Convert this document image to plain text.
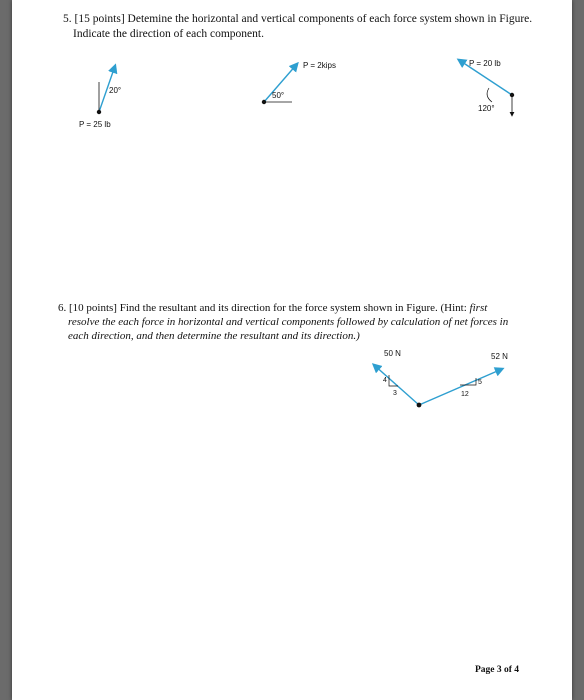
5. [15 points] Detemine the horizontal and vertical components of each force system shown in Figure.
Indicate the direction of each component.
20°
P = 25 lb
50°
P = 2kips
120°
P = 20 lb
6. [10 points] Find the resultant and its direction for the force system shown in Figure. (Hint: first
resolve the each force in horizontal and vertical components followed by calculation of net forces in
each direction, and then determine the resultant and its direction.)
4
3
5
12
50 N	52 N
Page 3 of 4
